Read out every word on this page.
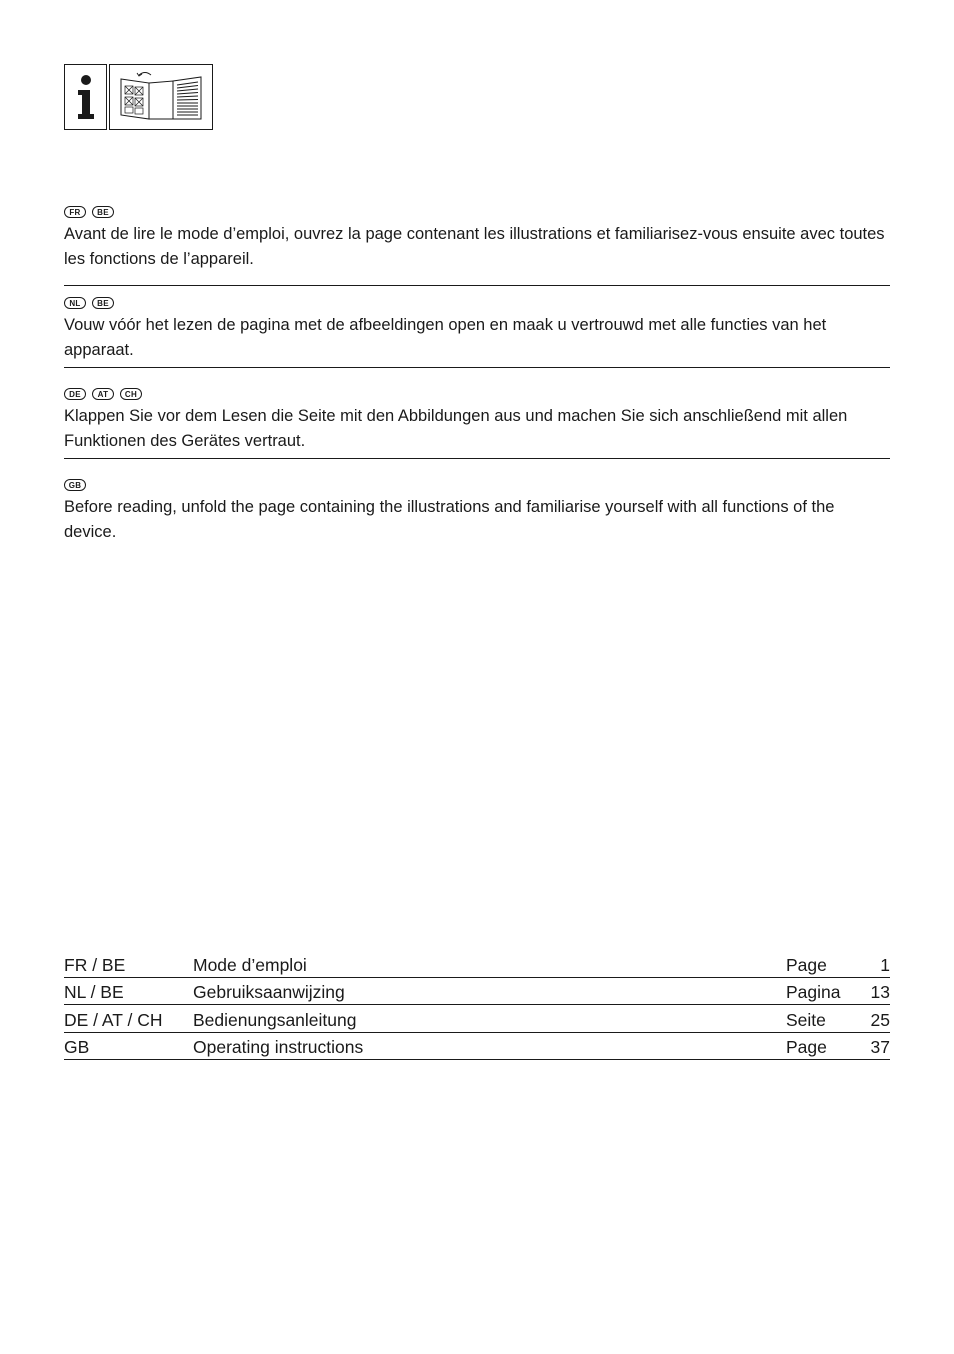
FR	BE

Avant de lire le mode d’emploi, ouvrez la page contenant les illustrations et familiarisez-vous ensuite avec toutes les fonctions de l’appareil.

NL	BE

Vouw vóór het lezen de pagina met de afbeeldingen open en maak u vertrouwd met alle functies van het apparaat.

DE	AT	CH

Klappen Sie vor dem Lesen die Seite mit den Abbildungen aus und machen Sie sich anschließend mit allen Funktionen des Gerätes vertraut.

GB

Before reading, unfold the page containing the illustrations and familiarise yourself with all functions of the device.

FR / BE	Mode d’emploi	Page	1
NL / BE	Gebruiksaanwijzing	Pagina	13
DE / AT / CH	Bedienungsanleitung	Seite	25
GB	Operating instructions	Page	37
